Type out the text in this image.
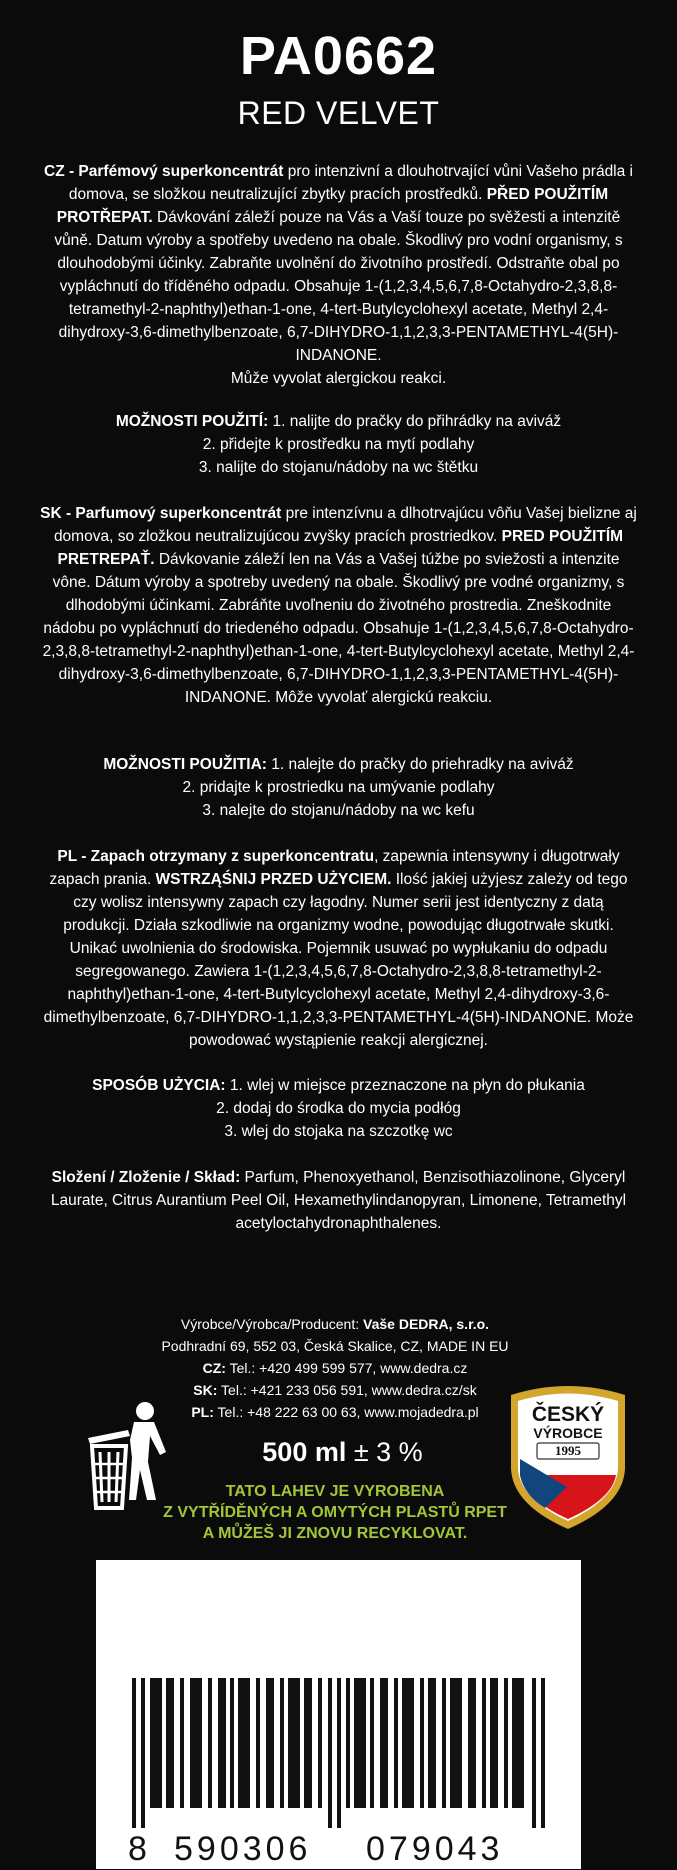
PA0662
RED VELVET
CZ - Parfémový superkoncentrát pro intenzivní a dlouhotrvající vůni Vašeho prádla i domova, se složkou neutralizující zbytky pracích prostředků. PŘED POUŽITÍM PROTŘEPAT. Dávkování záleží pouze na Vás a Vaší touze po svěžesti a intenzitě vůně. Datum výroby a spotřeby uvedeno na obale. Škodlivý pro vodní organismy, s dlouhodobými účinky. Zabraňte uvolnění do životního prostředí. Odstraňte obal po vypláchnutí do tříděného odpadu. Obsahuje 1-(1,2,3,4,5,6,7,8-Octahydro-2,3,8,8-tetramethyl-2-naphthyl)ethan-1-one, 4-tert-Butylcyclohexyl acetate, Methyl 2,4-dihydroxy-3,6-dimethylbenzoate, 6,7-DIHYDRO-1,1,2,3,3-PENTAMETHYL-4(5H)-INDANONE.
Může vyvolat alergickou reakci.
MOŽNOSTI POUŽITÍ: 1. nalijte do pračky do přihrádky na aviváž
2. přidejte k prostředku na mytí podlahy
3. nalijte do stojanu/nádoby na wc štětku
SK - Parfumový superkoncentrát pre intenzívnu a dlhotrvajúcu vôňu Vašej bielizne aj domova, so zložkou neutralizujúcou zvyšky pracích prostriedkov. PRED POUŽITÍM PRETREPAŤ. Dávkovanie záleží len na Vás a Vašej túžbe po sviežosti a intenzite vône. Dátum výroby a spotreby uvedený na obale. Škodlivý pre vodné organizmy, s dlhodobými účinkami. Zabráňte uvoľneniu do životného prostredia. Zneškodnite nádobu po vypláchnutí do triedeného odpadu. Obsahuje 1-(1,2,3,4,5,6,7,8-Octahydro-2,3,8,8-tetramethyl-2-naphthyl)ethan-1-one, 4-tert-Butylcyclohexyl acetate, Methyl 2,4-dihydroxy-3,6-dimethylbenzoate, 6,7-DIHYDRO-1,1,2,3,3-PENTAMETHYL-4(5H)-INDANONE. Môže vyvolať alergickú reakciu.
MOŽNOSTI POUŽITIA: 1. nalejte do pračky do priehradky na aviváž
2. pridajte k prostriedku na umývanie podlahy
3. nalejte do stojanu/nádoby na wc kefu
PL - Zapach otrzymany z superkoncentratu, zapewnia intensywny i długotrwały zapach prania. WSTRZĄŚNIJ PRZED UŻYCIEM. Ilość jakiej użyjesz zależy od tego czy wolisz intensywny zapach czy łagodny. Numer serii jest identyczny z datą produkcji. Działa szkodliwie na organizmy wodne, powodując długotrwałe skutki. Unikać uwolnienia do środowiska. Pojemnik usuwać po wypłukaniu do odpadu segregowanego. Zawiera 1-(1,2,3,4,5,6,7,8-Octahydro-2,3,8,8-tetramethyl-2-naphthyl)ethan-1-one, 4-tert-Butylcyclohexyl acetate, Methyl 2,4-dihydroxy-3,6-dimethylbenzoate, 6,7-DIHYDRO-1,1,2,3,3-PENTAMETHYL-4(5H)-INDANONE. Może powodować wystąpienie reakcji alergicznej.
SPOSÓB UŻYCIA: 1. wlej w miejsce przeznaczone na płyn do płukania
2. dodaj do środka do mycia podłóg
3. wlej do stojaka na szczotkę wc
Složení / Zloženie / Skład: Parfum, Phenoxyethanol, Benzisothiazolinone, Glyceryl Laurate, Citrus Aurantium Peel Oil, Hexamethylindanopyran, Limonene, Tetramethyl acetyloctahydronaphthalenes.
Výrobce/Výrobca/Producent: Vaše DEDRA, s.r.o.
Podhradní 69, 552 03, Česká Skalice, CZ, MADE IN EU
CZ: Tel.: +420 499 599 577, www.dedra.cz
SK: Tel.: +421 233 056 591, www.dedra.cz/sk
PL: Tel.: +48 222 63 00 63, www.mojadedra.pl
500 ml ± 3 %
TATO LAHEV JE VYROBENA
Z VYTŘÍDĚNÝCH A OMYTÝCH PLASTŮ RPET
A MŮŽEŠ JI ZNOVU RECYKLOVAT.
ČESKÝ
VÝROBCE
1995
8 590306 079043
